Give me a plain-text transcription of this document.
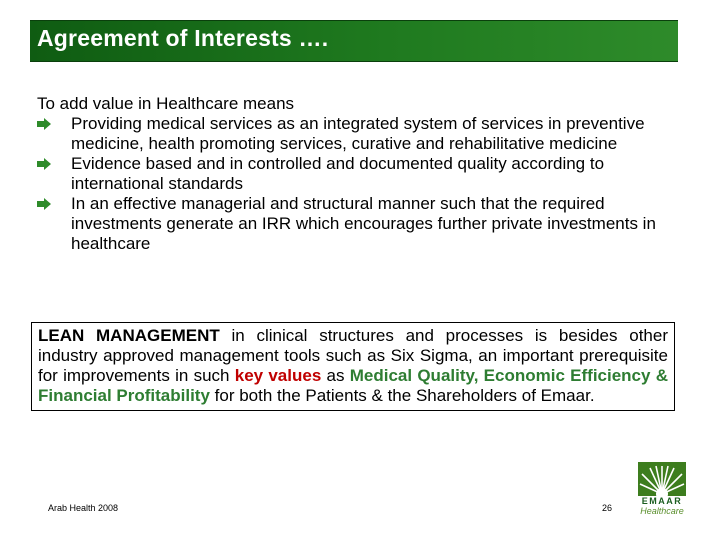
Agreement of Interests ….
To add value in Healthcare means
Providing medical services as an integrated system of services in preventive medicine, health promoting services, curative and rehabilitative medicine
Evidence based and in controlled and documented quality according to international standards
In an effective managerial and structural manner such that the required investments generate an IRR which encourages further private investments in healthcare
LEAN MANAGEMENT in clinical structures and processes is besides other industry approved management tools such as Six Sigma, an important prerequisite for improvements in such key values as Medical Quality, Economic Efficiency & Financial Profitability for both the Patients & the Shareholders of Emaar.
Arab Health 2008	26
EMAAR
Healthcare
